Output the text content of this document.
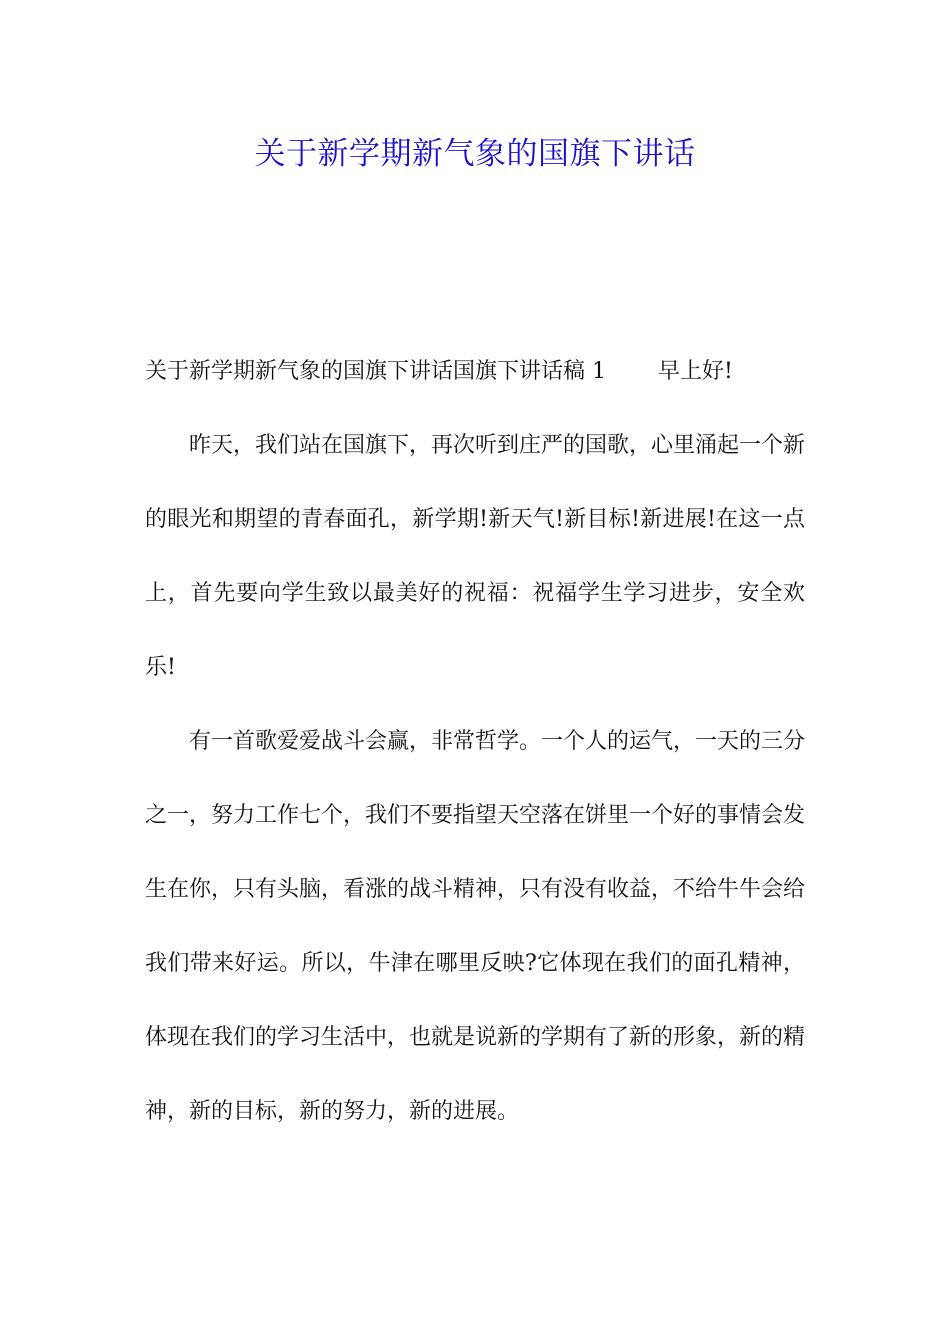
关于新学期新气象的国旗下讲话

关于新学期新气象的国旗下讲话国旗下讲话稿 1 早上好!

昨天，我们站在国旗下，再次听到庄严的国歌，心里涌起一个新的眼光和期望的青春面孔，新学期!新天气!新目标!新进展!在这一点上，首先要向学生致以最美好的祝福：祝福学生学习进步，安全欢乐!

有一首歌爱爱战斗会赢，非常哲学。一个人的运气，一天的三分之一，努力工作七个，我们不要指望天空落在饼里一个好的事情会发生在你，只有头脑，看涨的战斗精神，只有没有收益，不给牛牛会给我们带来好运。所以，牛津在哪里反映?它体现在我们的面孔精神，体现在我们的学习生活中，也就是说新的学期有了新的形象，新的精神，新的目标，新的努力，新的进展。
